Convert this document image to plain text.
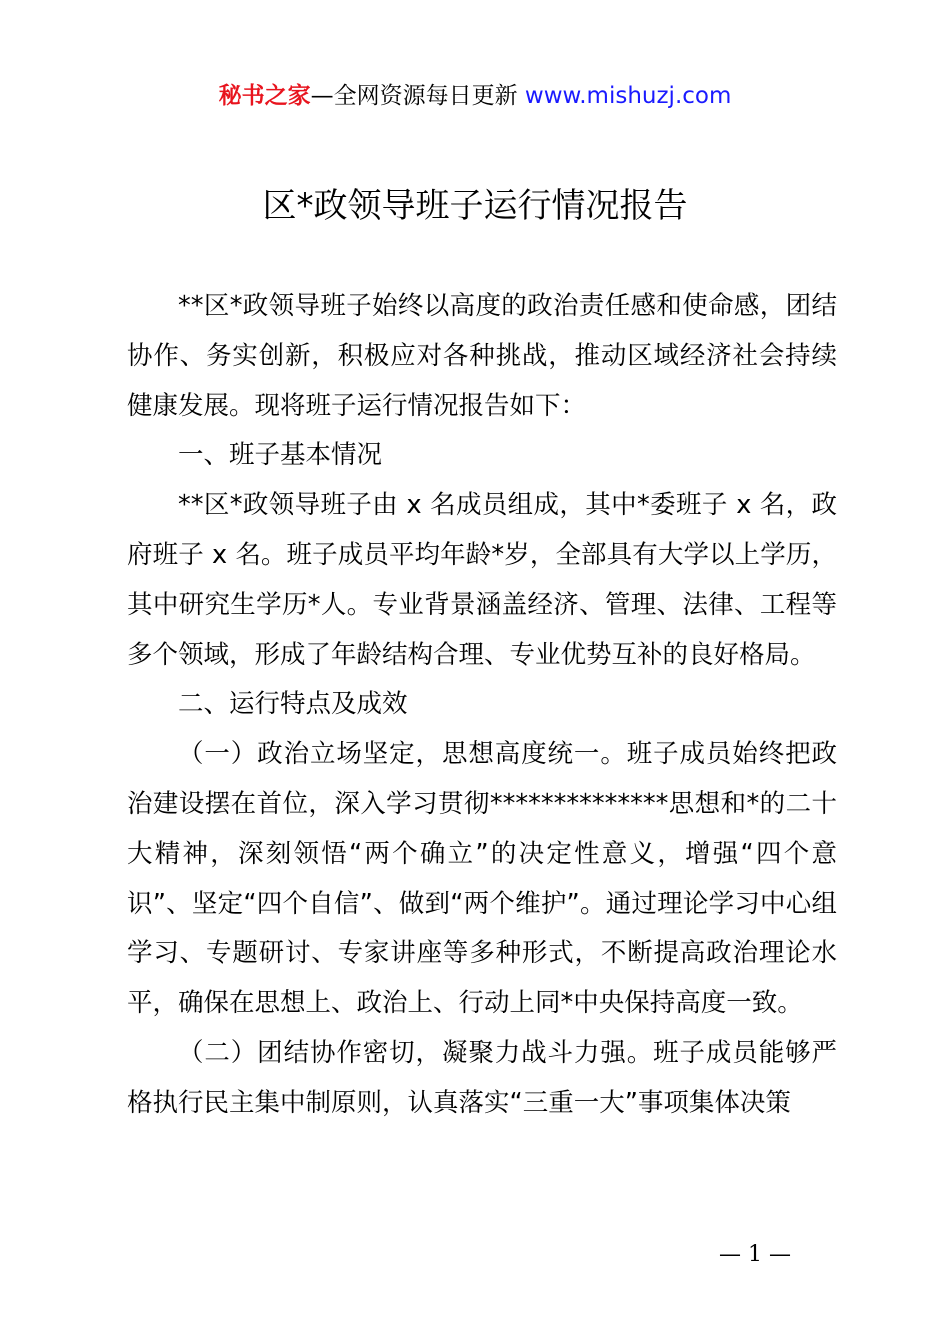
秘书之家—全网资源每日更新 www.mishuzj.com
区*政领导班子运行情况报告

**区*政领导班子始终以高度的政治责任感和使命感，团结协作、务实创新，积极应对各种挑战，推动区域经济社会持续健康发展。现将班子运行情况报告如下：

一、班子基本情况

**区*政领导班子由 x 名成员组成，其中*委班子 x 名，政府班子 x 名。班子成员平均年龄*岁，全部具有大学以上学历，其中研究生学历*人。专业背景涵盖经济、管理、法律、工程等多个领域，形成了年龄结构合理、专业优势互补的良好格局。

二、运行特点及成效

（一）政治立场坚定，思想高度统一。班子成员始终把政治建设摆在首位，深入学习贯彻**************思想和*的二十大精神，深刻领悟“两个确立”的决定性意义，增强“四个意识”、坚定“四个自信”、做到“两个维护”。通过理论学习中心组学习、专题研讨、专家讲座等多种形式，不断提高政治理论水平，确保在思想上、政治上、行动上同*中央保持高度一致。

（二）团结协作密切，凝聚力战斗力强。班子成员能够严格执行民主集中制原则，认真落实“三重一大”事项集体决策

— 1 —
